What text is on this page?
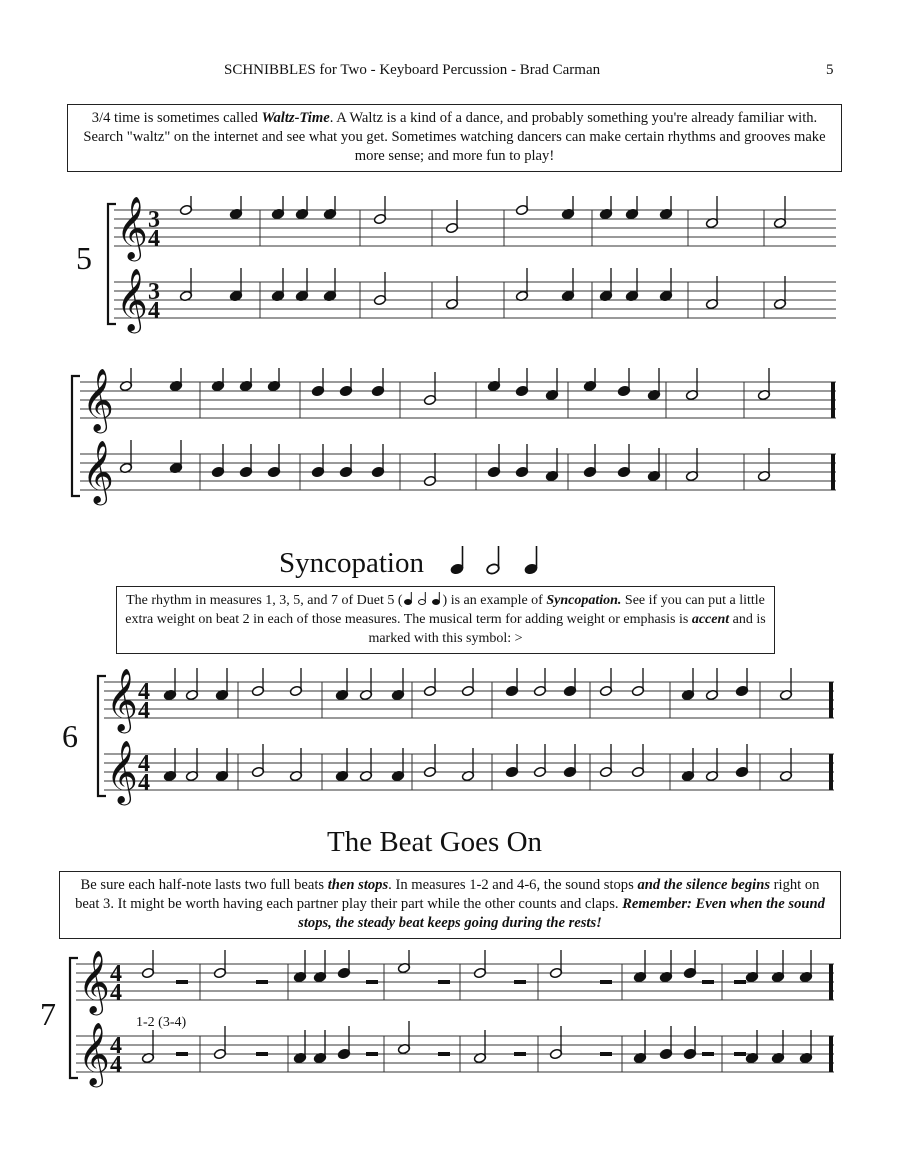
SCHNIBBLES for Two - Keyboard Percussion - Brad Carman	5
3/4 time is sometimes called Waltz-Time. A Waltz is a kind of a dance, and probably something you're already familiar with. Search "waltz" on the internet and see what you get. Sometimes watching dancers can make certain rhythms and grooves make more sense; and more fun to play!
5 𝄞
𝄞
3
4
3
4
𝄞
𝄞
Syncopation
The rhythm in measures 1, 3, 5, and 7 of Duet 5 (	) is an example of Syncopation. See if you can put a little extra weight on beat 2 in each of those measures. The musical term for adding weight or emphasis is accent and is marked with this symbol: >
6
𝄞
𝄞
4
4
4
4
The Beat Goes On
Be sure each half-note lasts two full beats then stops. In measures 1-2 and 4-6, the sound stops and the silence begins right on beat 3. It might be worth having each partner play their part while the other counts and claps. Remember: Even when the sound stops, the steady beat keeps going during the rests!
7
𝄞
𝄞
4
4
4
4
1-2 (3-4)
